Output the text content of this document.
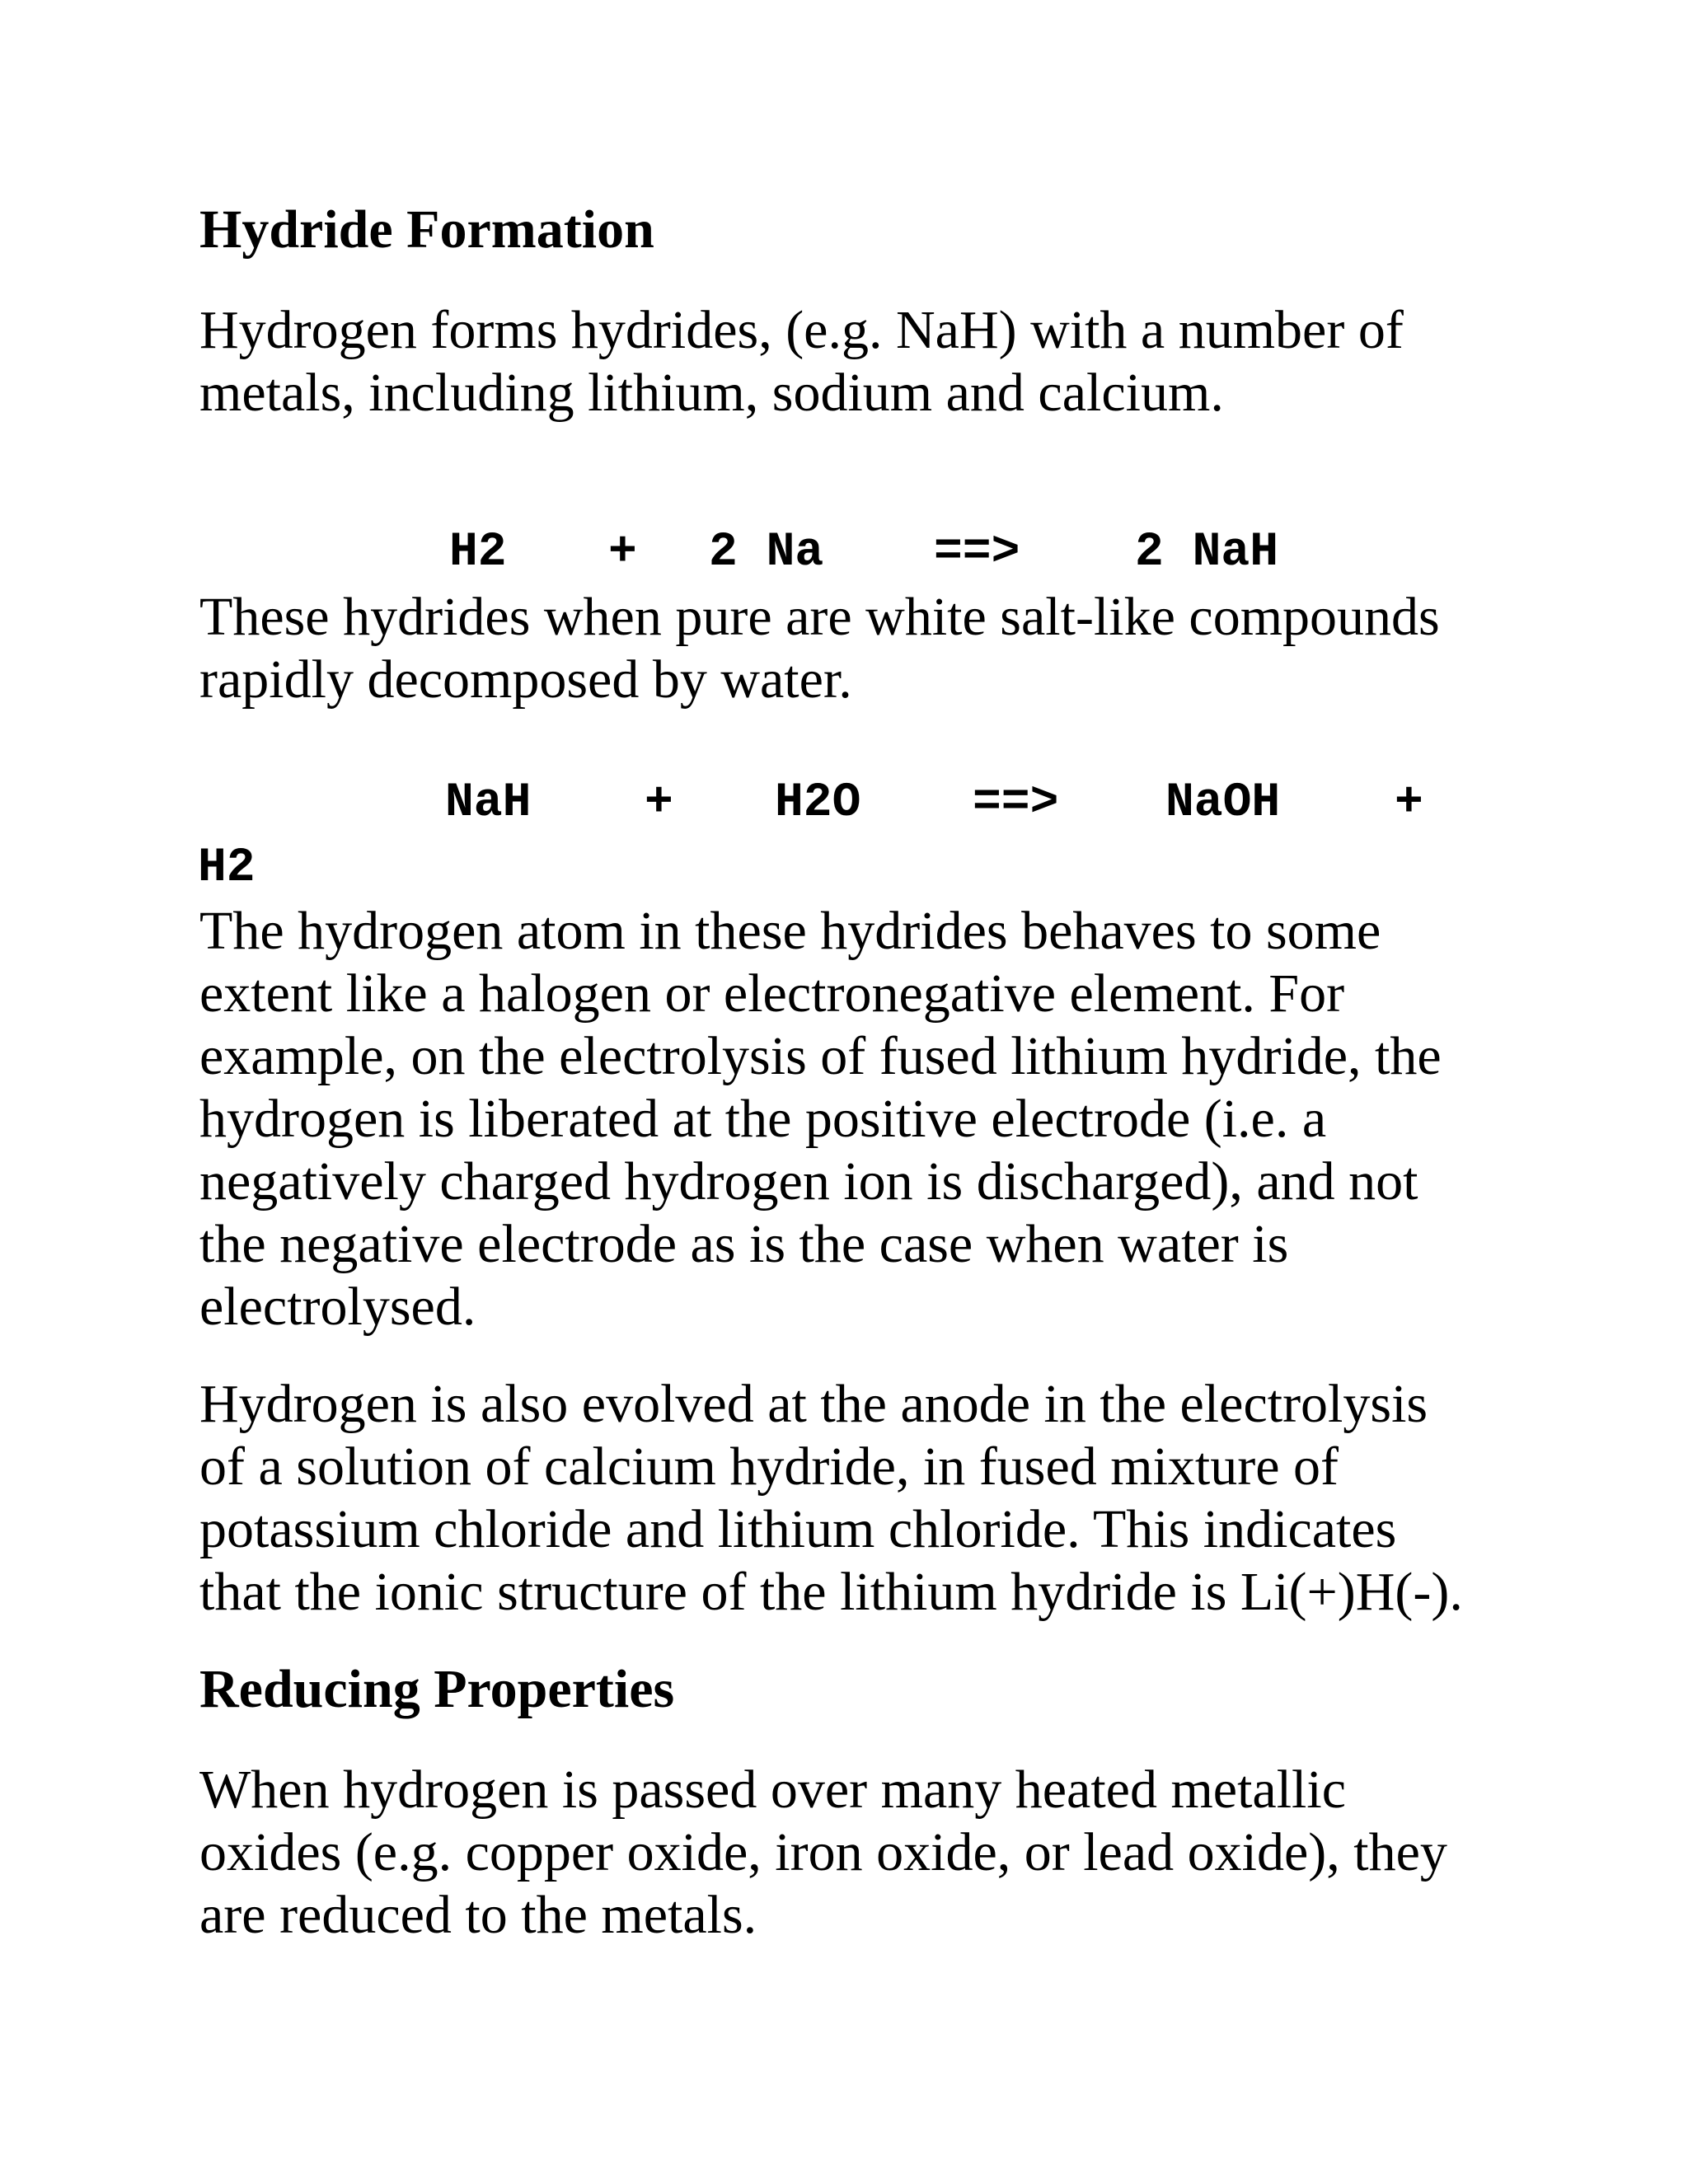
Hydride Formation
Hydrogen forms hydrides, (e.g. NaH) with a number of
metals, including lithium, sodium and calcium.
H2 + 2 Na ==> 2 NaH
These hydrides when pure are white salt-like compounds
rapidly decomposed by water.
NaH + H2O ==> NaOH +
H2
The hydrogen atom in these hydrides behaves to some
extent like a halogen or electronegative element. For
example, on the electrolysis of fused lithium hydride, the
hydrogen is liberated at the positive electrode (i.e. a
negatively charged hydrogen ion is discharged), and not
the negative electrode as is the case when water is
electrolysed.
Hydrogen is also evolved at the anode in the electrolysis
of a solution of calcium hydride, in fused mixture of
potassium chloride and lithium chloride. This indicates
that the ionic structure of the lithium hydride is Li(+)H(-).
Reducing Properties
When hydrogen is passed over many heated metallic
oxides (e.g. copper oxide, iron oxide, or lead oxide), they
are reduced to the metals.
